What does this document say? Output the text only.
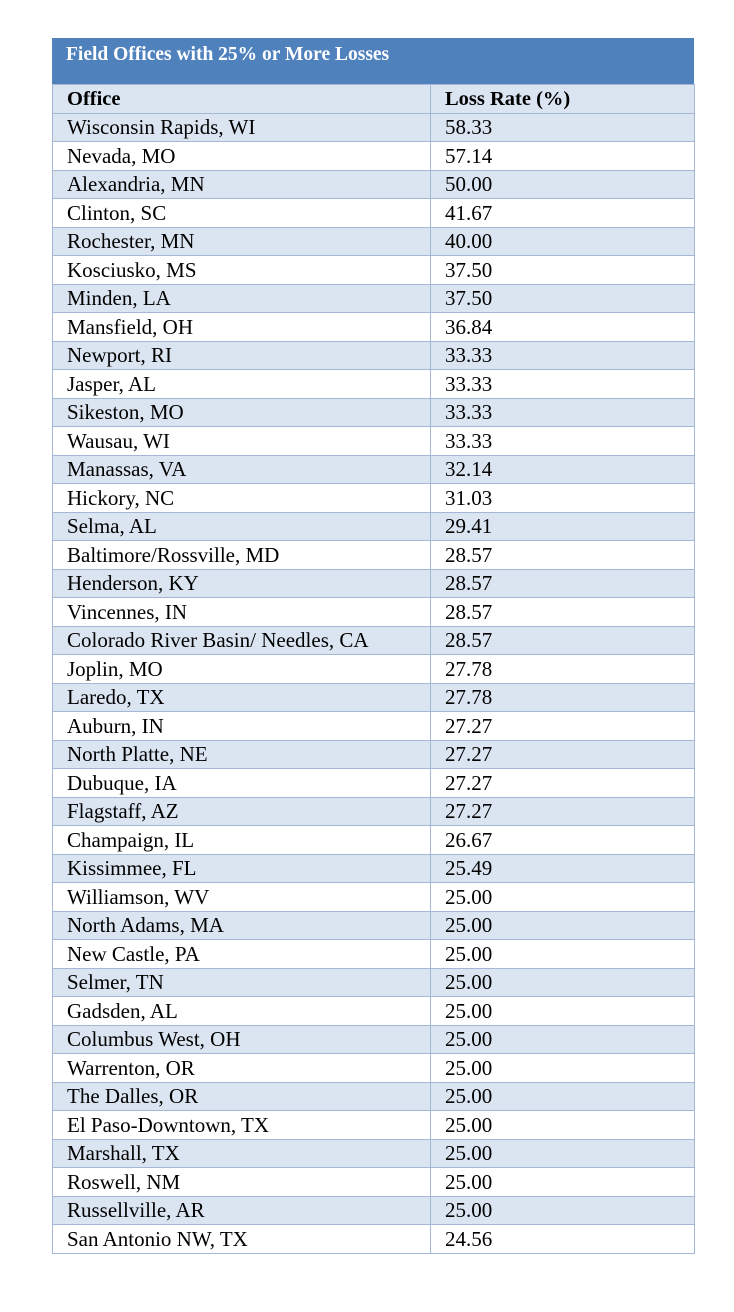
Field Offices with 25% or More Losses
Office	Loss Rate (%)
Wisconsin Rapids, WI	58.33
Nevada, MO	57.14
Alexandria, MN	50.00
Clinton, SC	41.67
Rochester, MN	40.00
Kosciusko, MS	37.50
Minden, LA	37.50
Mansfield, OH	36.84
Newport, RI	33.33
Jasper, AL	33.33
Sikeston, MO	33.33
Wausau, WI	33.33
Manassas, VA	32.14
Hickory, NC	31.03
Selma, AL	29.41
Baltimore/Rossville, MD	28.57
Henderson, KY	28.57
Vincennes, IN	28.57
Colorado River Basin/ Needles, CA	28.57
Joplin, MO	27.78
Laredo, TX	27.78
Auburn, IN	27.27
North Platte, NE	27.27
Dubuque, IA	27.27
Flagstaff, AZ	27.27
Champaign, IL	26.67
Kissimmee, FL	25.49
Williamson, WV	25.00
North Adams, MA	25.00
New Castle, PA	25.00
Selmer, TN	25.00
Gadsden, AL	25.00
Columbus West, OH	25.00
Warrenton, OR	25.00
The Dalles, OR	25.00
El Paso-Downtown, TX	25.00
Marshall, TX	25.00
Roswell, NM	25.00
Russellville, AR	25.00
San Antonio NW, TX	24.56
